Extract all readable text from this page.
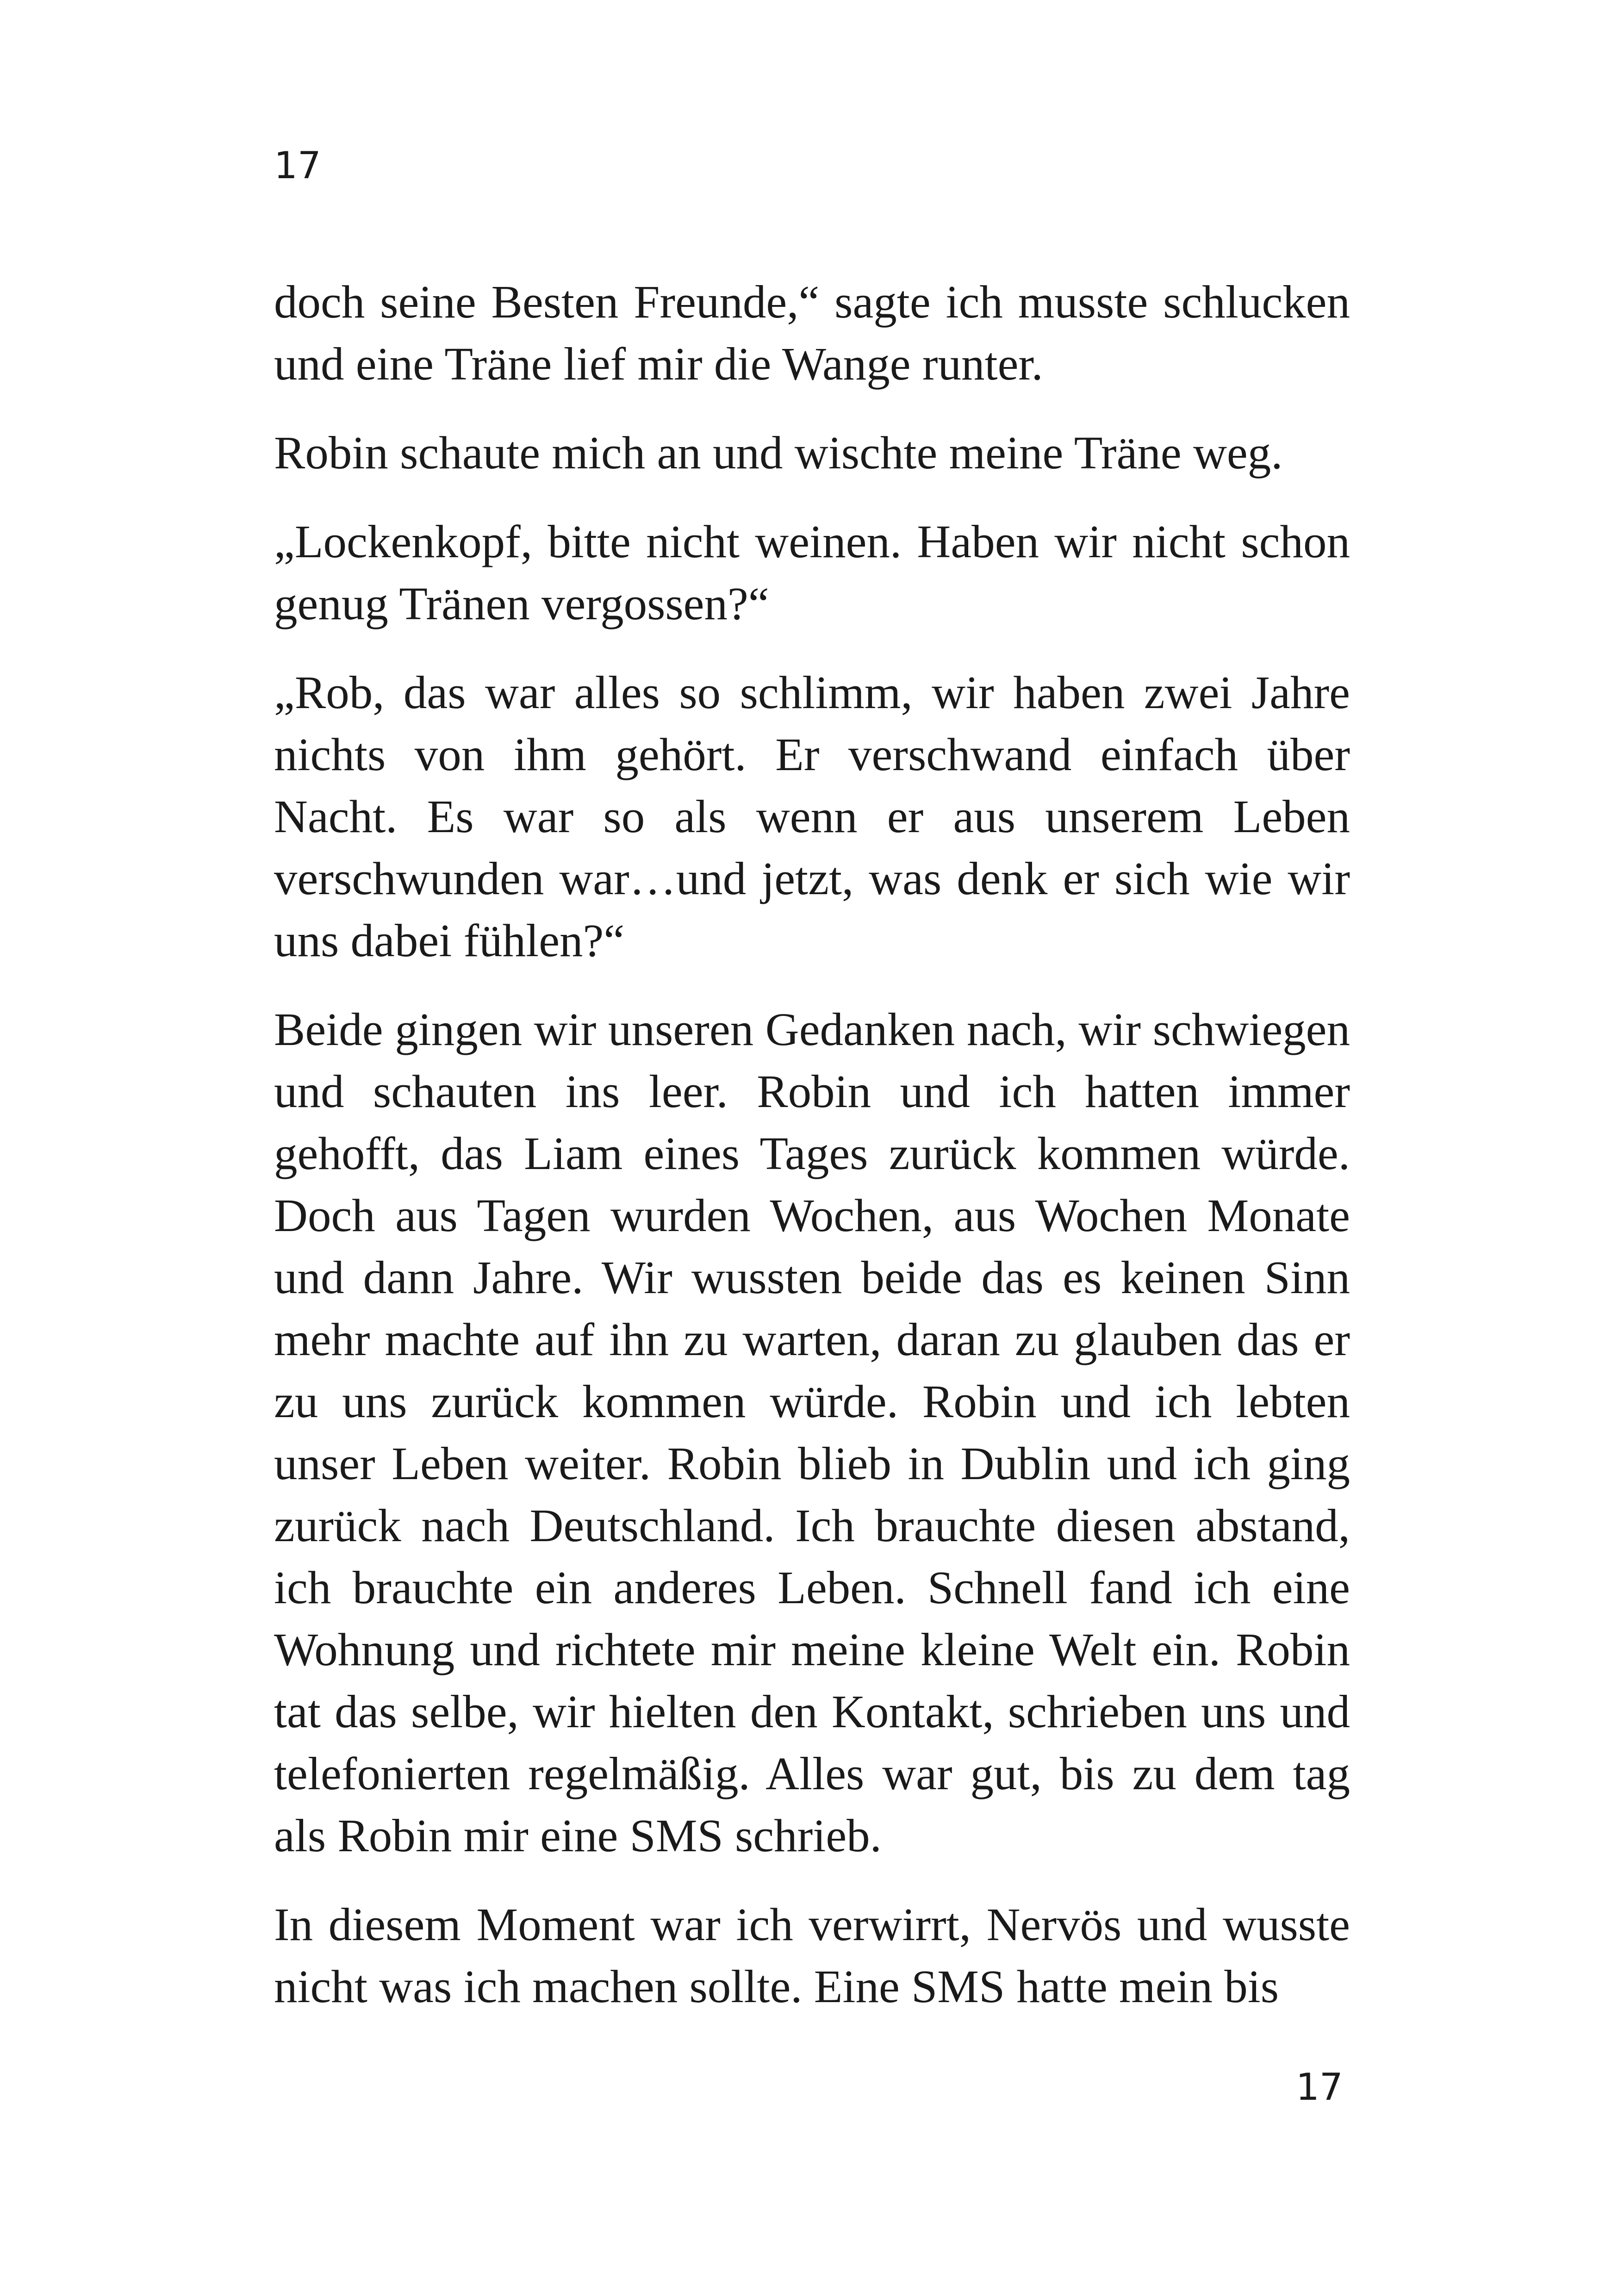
17

doch seine Besten Freunde,“ sagte ich musste schlucken und eine Träne lief mir die Wange runter.

Robin schaute mich an und wischte meine Träne weg.

„Lockenkopf, bitte nicht weinen. Haben wir nicht schon genug Tränen vergossen?“

„Rob, das war alles so schlimm, wir haben zwei Jahre nichts von ihm gehört. Er verschwand einfach über Nacht. Es war so als wenn er aus unserem Leben verschwunden war…und jetzt, was denk er sich wie wir uns dabei fühlen?“

Beide gingen wir unseren Gedanken nach, wir schwiegen und schauten ins leer. Robin und ich hatten immer gehofft, das Liam eines Tages zurück kommen würde. Doch aus Tagen wurden Wochen, aus Wochen Monate und dann Jahre. Wir wussten beide das es keinen Sinn mehr machte auf ihn zu warten, daran zu glauben das er zu uns zurück kommen würde. Robin und ich lebten unser Leben weiter. Robin blieb in Dublin und ich ging zurück nach Deutschland. Ich brauchte diesen abstand, ich brauchte ein anderes Leben. Schnell fand ich eine Wohnung und richtete mir meine kleine Welt ein. Robin tat das selbe, wir hielten den Kontakt, schrieben uns und telefonierten regelmäßig. Alles war gut, bis zu dem tag als Robin mir eine SMS schrieb.

In diesem Moment war ich verwirrt, Nervös und wusste nicht was ich machen sollte. Eine SMS hatte mein bis

17
